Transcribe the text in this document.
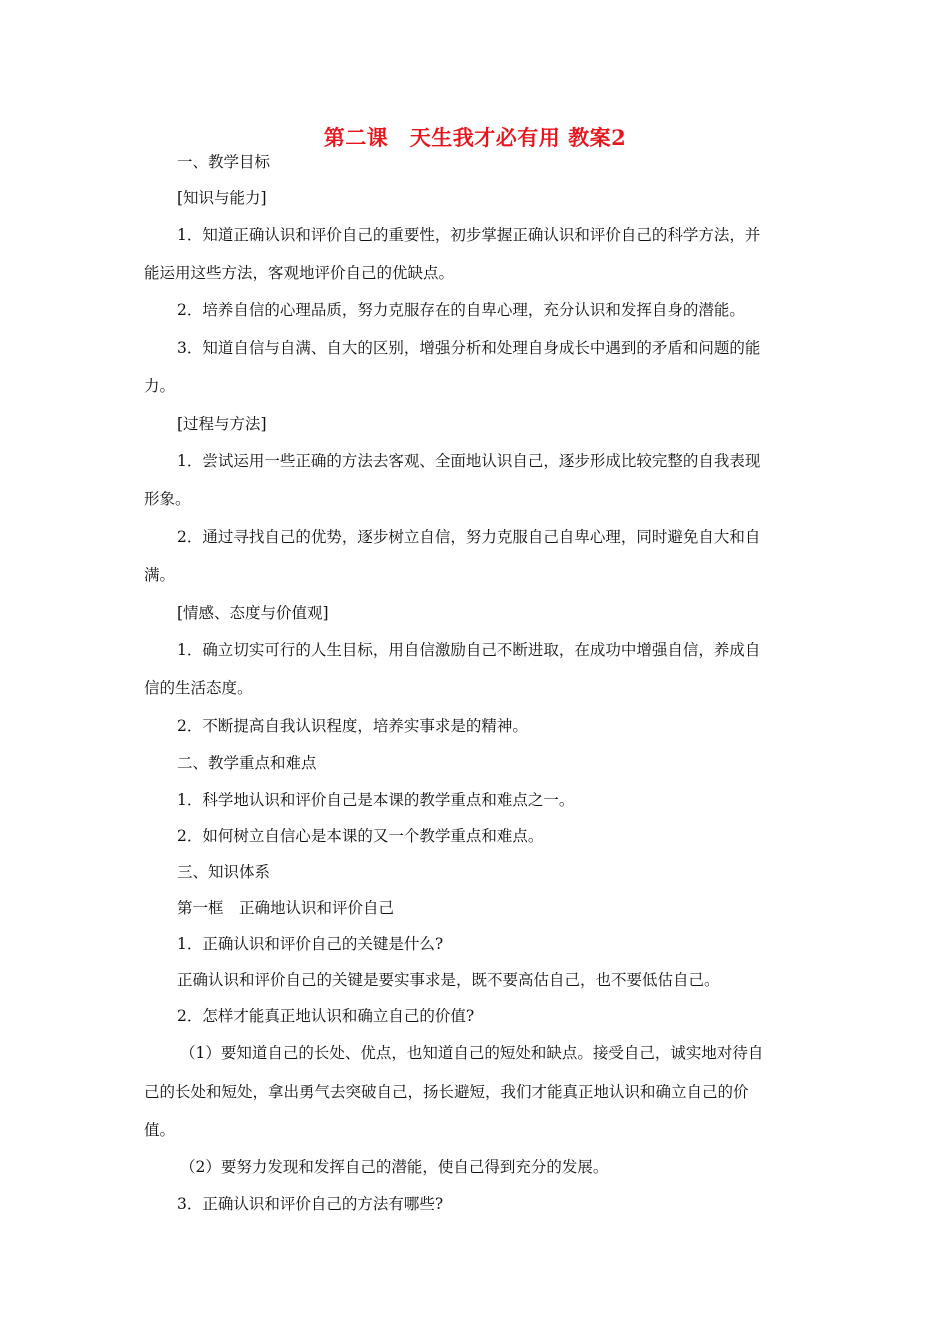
第二课　天生我才必有用 教案2
一、教学目标
[知识与能力]
1．知道正确认识和评价自己的重要性，初步掌握正确认识和评价自己的科学方法，并
能运用这些方法，客观地评价自己的优缺点。
2．培养自信的心理品质，努力克服存在的自卑心理，充分认识和发挥自身的潜能。
3．知道自信与自满、自大的区别，增强分析和处理自身成长中遇到的矛盾和问题的能
力。
[过程与方法]
1．尝试运用一些正确的方法去客观、全面地认识自己，逐步形成比较完整的自我表现
形象。
2．通过寻找自己的优势，逐步树立自信，努力克服自己自卑心理，同时避免自大和自
满。
[情感、态度与价值观]
1．确立切实可行的人生目标，用自信激励自己不断进取，在成功中增强自信，养成自
信的生活态度。
2．不断提高自我认识程度，培养实事求是的精神。
二、教学重点和难点
1．科学地认识和评价自己是本课的教学重点和难点之一。
2．如何树立自信心是本课的又一个教学重点和难点。
三、知识体系
第一框　正确地认识和评价自己
1．正确认识和评价自己的关键是什么?
正确认识和评价自己的关键是要实事求是，既不要高估自己，也不要低估自己。
2．怎样才能真正地认识和确立自己的价值?
（1）要知道自己的长处、优点，也知道自己的短处和缺点。接受自己，诚实地对待自
己的长处和短处，拿出勇气去突破自己，扬长避短，我们才能真正地认识和确立自己的价
值。
（2）要努力发现和发挥自己的潜能，使自己得到充分的发展。
3．正确认识和评价自己的方法有哪些?
